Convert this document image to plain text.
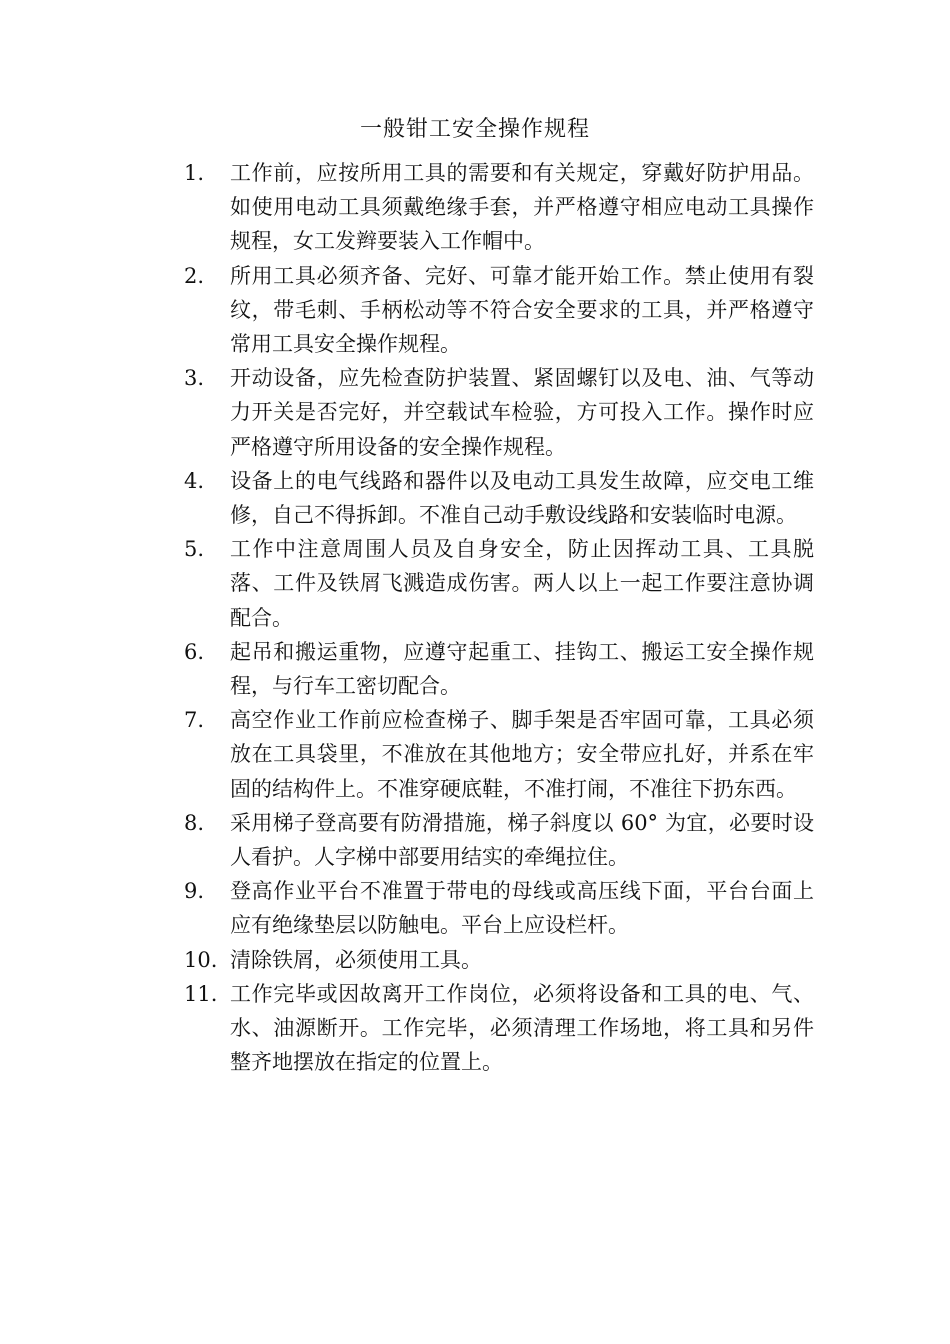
一般钳工安全操作规程
1.	工作前，应按所用工具的需要和有关规定，穿戴好防护用品。如使用电动工具须戴绝缘手套，并严格遵守相应电动工具操作规程，女工发辫要装入工作帽中。
2.	所用工具必须齐备、完好、可靠才能开始工作。禁止使用有裂纹，带毛刺、手柄松动等不符合安全要求的工具，并严格遵守常用工具安全操作规程。
3.	开动设备，应先检查防护装置、紧固螺钉以及电、油、气等动力开关是否完好，并空载试车检验，方可投入工作。操作时应严格遵守所用设备的安全操作规程。
4.	设备上的电气线路和器件以及电动工具发生故障，应交电工维修，自己不得拆卸。不准自己动手敷设线路和安装临时电源。
5.	工作中注意周围人员及自身安全，防止因挥动工具、工具脱落、工件及铁屑飞溅造成伤害。两人以上一起工作要注意协调配合。
6.	起吊和搬运重物，应遵守起重工、挂钩工、搬运工安全操作规程，与行车工密切配合。
7.	高空作业工作前应检查梯子、脚手架是否牢固可靠，工具必须放在工具袋里，不准放在其他地方；安全带应扎好，并系在牢固的结构件上。不准穿硬底鞋，不准打闹，不准往下扔东西。
8.	采用梯子登高要有防滑措施，梯子斜度以 60° 为宜，必要时设人看护。人字梯中部要用结实的牵绳拉住。
9.	登高作业平台不准置于带电的母线或高压线下面，平台台面上应有绝缘垫层以防触电。平台上应设栏杆。
10. 清除铁屑，必须使用工具。
11. 工作完毕或因故离开工作岗位，必须将设备和工具的电、气、水、油源断开。工作完毕，必须清理工作场地，将工具和另件整齐地摆放在指定的位置上。
